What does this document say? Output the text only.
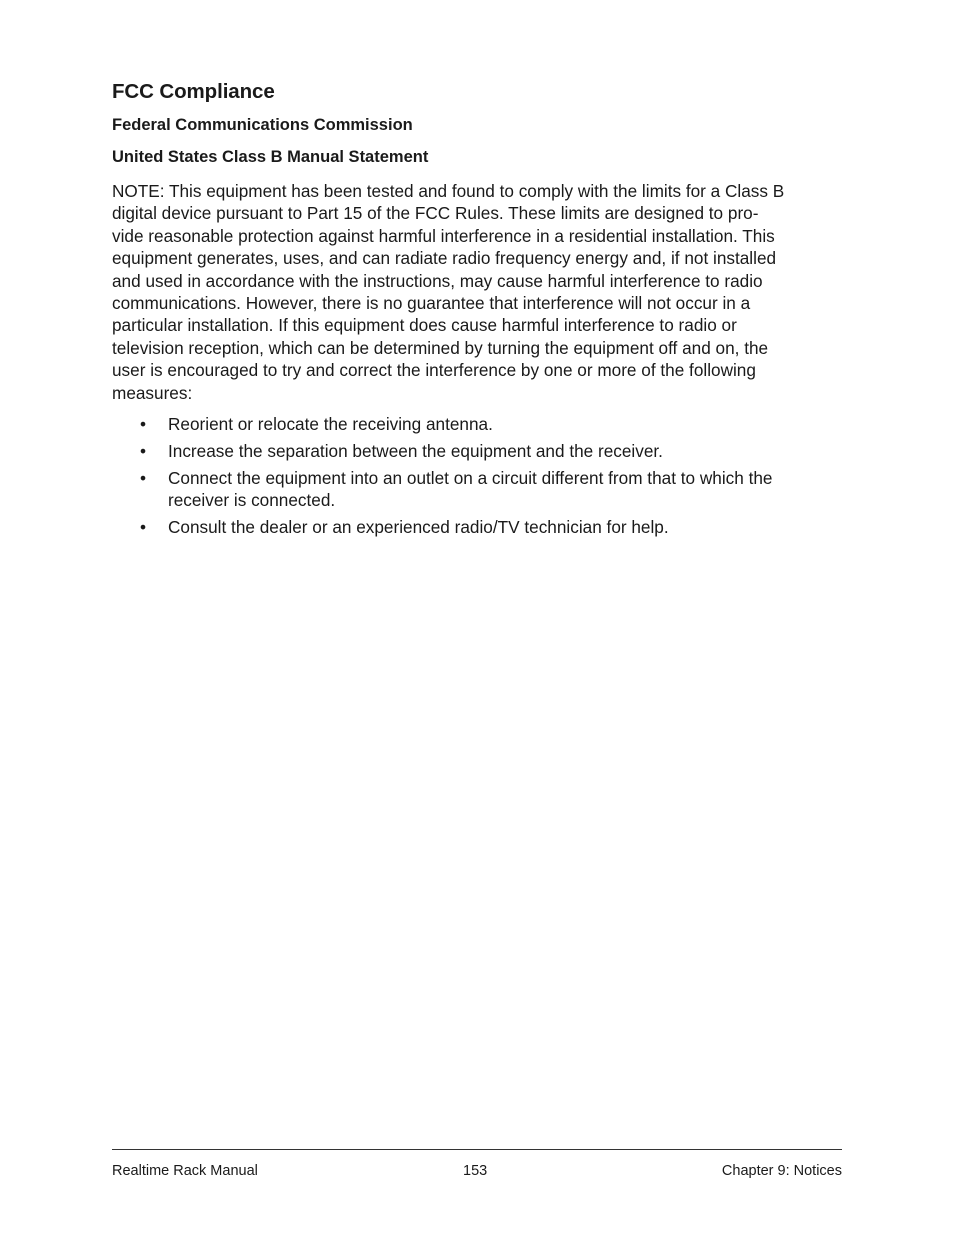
FCC Compliance
Federal Communications Commission
United States Class B Manual Statement

NOTE: This equipment has been tested and found to comply with the limits for a Class B
digital device pursuant to Part 15 of the FCC Rules. These limits are designed to pro-
vide reasonable protection against harmful interference in a residential installation. This
equipment generates, uses, and can radiate radio frequency energy and, if not installed
and used in accordance with the instructions, may cause harmful interference to radio
communications. However, there is no guarantee that interference will not occur in a
particular installation. If this equipment does cause harmful interference to radio or
television reception, which can be determined by turning the equipment off and on, the
user is encouraged to try and correct the interference by one or more of the following
measures:

• Reorient or relocate the receiving antenna.
• Increase the separation between the equipment and the receiver.
• Connect the equipment into an outlet on a circuit different from that to which the
receiver is connected.
• Consult the dealer or an experienced radio/TV technician for help.
Realtime Rack Manual	153	Chapter 9: Notices
